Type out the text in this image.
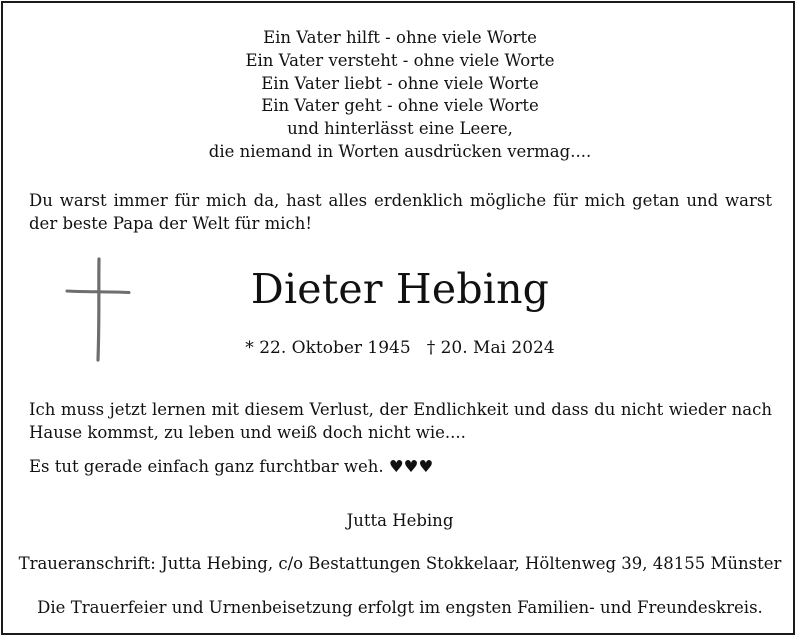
Ein Vater hilft - ohne viele Worte
Ein Vater versteht - ohne viele Worte
Ein Vater liebt - ohne viele Worte
Ein Vater geht - ohne viele Worte
und hinterlässt eine Leere,
die niemand in Worten ausdrücken vermag....
Du warst immer für mich da, hast alles erdenklich mögliche für mich getan und warst der beste Papa der Welt für mich!
Dieter Hebing
* 22. Oktober 1945 † 20. Mai 2024
Ich muss jetzt lernen mit diesem Verlust, der Endlichkeit und dass du nicht wieder nach Hause kommst, zu leben und weiß doch nicht wie....
Es tut gerade einfach ganz furchtbar weh. ♥♥♥
Jutta Hebing
Traueranschrift: Jutta Hebing, c/o Bestattungen Stokkelaar, Höltenweg 39, 48155 Münster
Die Trauerfeier und Urnenbeisetzung erfolgt im engsten Familien- und Freundeskreis.
